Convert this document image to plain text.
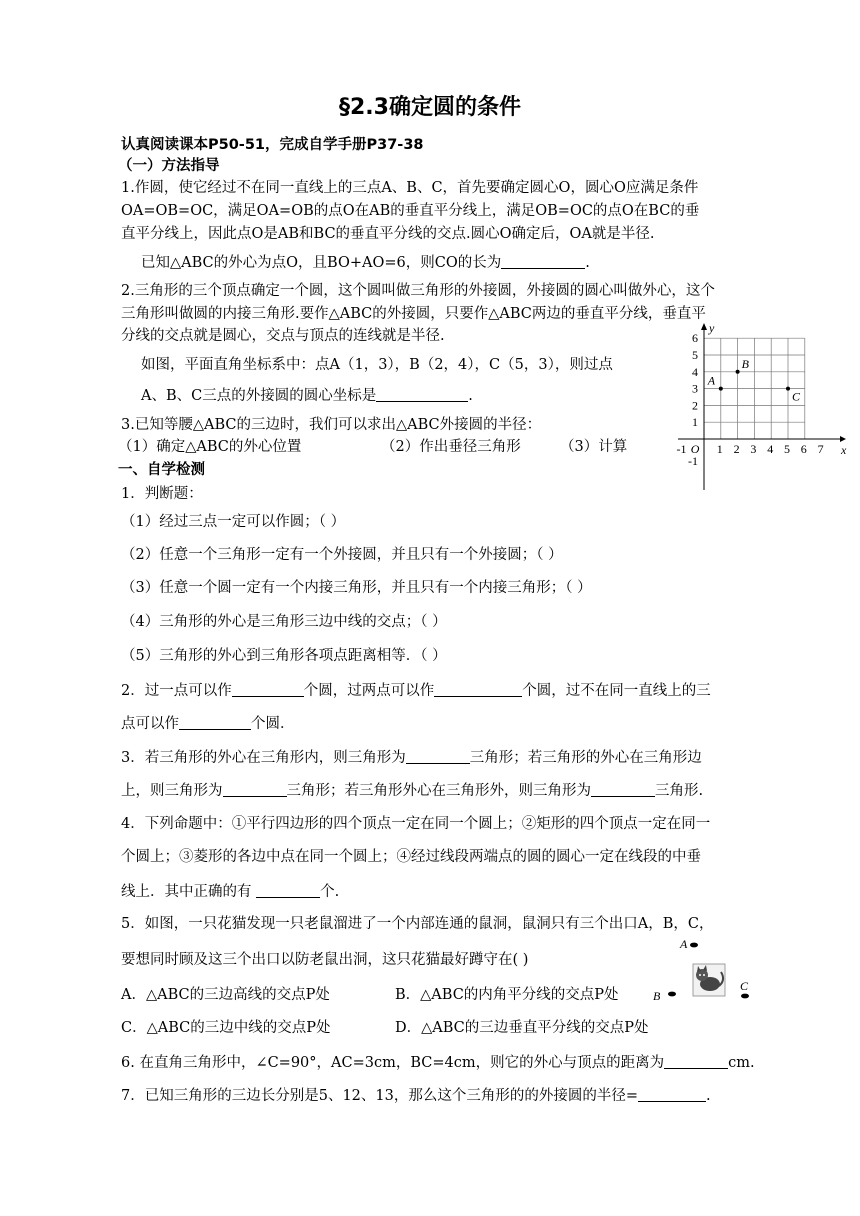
§2.3确定圆的条件
认真阅读课本P50-51，完成自学手册P37-38
（一）方法指导
1.作圆，使它经过不在同一直线上的三点A、B、C，首先要确定圆心O，圆心O应满足条件
OA=OB=OC，满足OA=OB的点O在AB的垂直平分线上，满足OB=OC的点O在BC的垂
直平分线上，因此点O是AB和BC的垂直平分线的交点.圆心O确定后，OA就是半径.
已知△ABC的外心为点O，且BO+AO=6，则CO的长为	.
2.三角形的三个顶点确定一个圆，这个圆叫做三角形的外接圆，外接圆的圆心叫做外心，这个
三角形叫做圆的内接三角形.要作△ABC的外接圆，只要作△ABC两边的垂直平分线，垂直平
分线的交点就是圆心，交点与顶点的连线就是半径.
如图，平面直角坐标系中：点A（1，3），B（2，4），C（5，3），则过点
A、B、C三点的外接圆的圆心坐标是	.
3.已知等腰△ABC的三边时，我们可以求出△ABC外接圆的半径：
（1）确定△ABC的外心位置	（2）作出垂径三角形	（3）计算
一、自学检测
1．判断题：
（1）经过三点一定可以作圆；（ ）
（2）任意一个三角形一定有一个外接圆，并且只有一个外接圆；（ ）
（3）任意一个圆一定有一个内接三角形，并且只有一个内接三角形；（ ）
（4）三角形的外心是三角形三边中线的交点；（ ）
（5）三角形的外心到三角形各项点距离相等．（ ）
2．过一点可以作	个圆，过两点可以作	个圆，过不在同一直线上的三
点可以作	个圆．
3．若三角形的外心在三角形内，则三角形为	三角形；若三角形的外心在三角形边
上，则三角形为	三角形；若三角形外心在三角形外，则三角形为	三角形.
4．下列命题中：①平行四边形的四个顶点一定在同一个圆上；②矩形的四个顶点一定在同一
个圆上；③菱形的各边中点在同一个圆上；④经过线段两端点的圆的圆心一定在线段的中垂
线上．其中正确的有	个.
5．如图，一只花猫发现一只老鼠溜进了一个内部连通的鼠洞，鼠洞只有三个出口A，B，C，
要想同时顾及这三个出口以防老鼠出洞，这只花猫最好蹲守在( )
A．△ABC的三边高线的交点P处	B．△ABC的内角平分线的交点P处
C．△ABC的三边中线的交点P处	D．△ABC的三边垂直平分线的交点P处
6. 在直角三角形中，∠C=90°，AC=3cm，BC=4cm，则它的外心与顶点的距离为	cm.
7．已知三角形的三边长分别是5、12、13，那么这个三角形的的外接圆的半径=	.
x
y
-1 O 1 2 3 4 5 6 7
6
5
4
3
2
1
-1
A
B
C
A
B
C
